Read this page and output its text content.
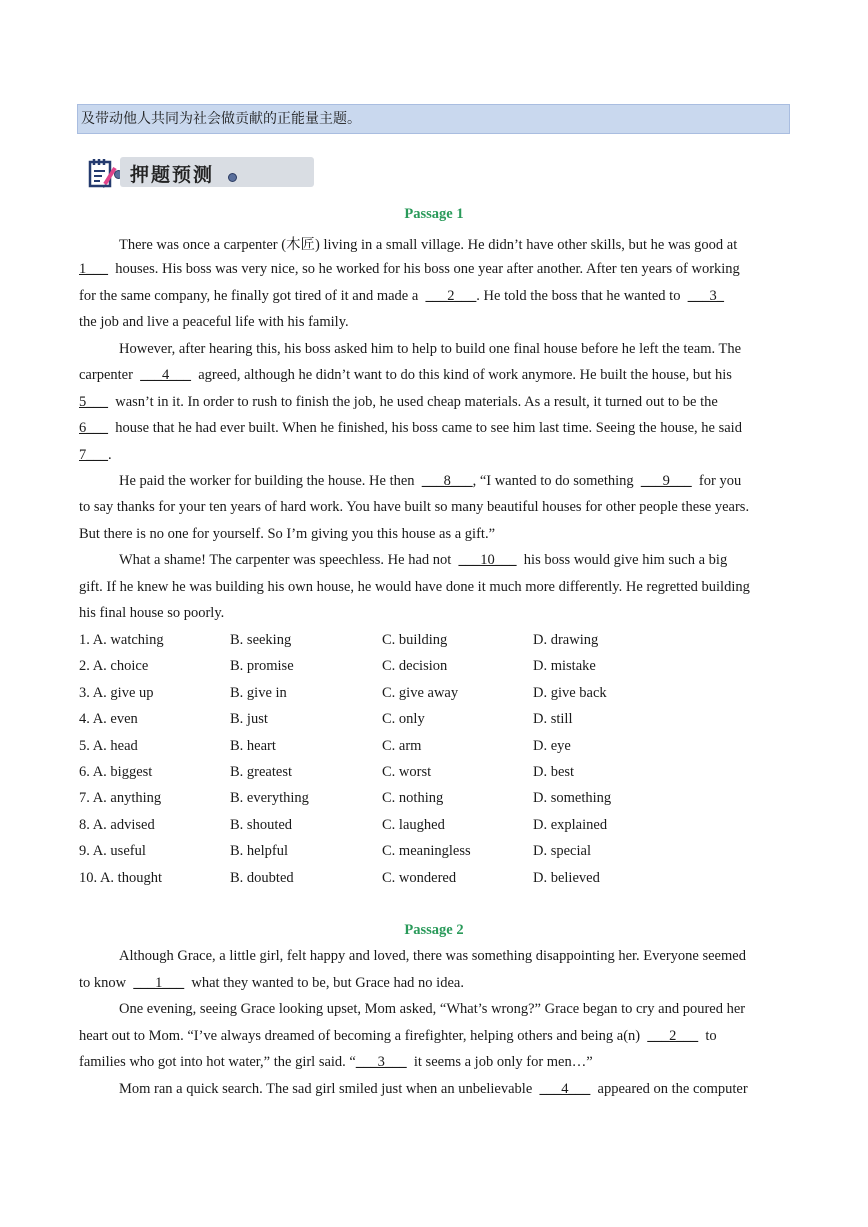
及带动他人共同为社会做贡献的正能量主题。
押题预测
Passage 1
There was once a carpenter (木匠) living in a small village. He didn’t have other skills, but he was good at
1___ houses. His boss was very nice, so he worked for his boss one year after another. After ten years of working
for the same company, he finally got tired of it and made a ___2___. He told the boss that he wanted to ___3_
the job and live a peaceful life with his family.
However, after hearing this, his boss asked him to help to build one final house before he left the team. The
carpenter ___4___ agreed, although he didn’t want to do this kind of work anymore. He built the house, but his
5___ wasn’t in it. In order to rush to finish the job, he used cheap materials. As a result, it turned out to be the
6___ house that he had ever built. When he finished, his boss came to see him last time. Seeing the house, he said
7___.
He paid the worker for building the house. He then ___8___, “I wanted to do something ___9___ for you
to say thanks for your ten years of hard work. You have built so many beautiful houses for other people these years.
But there is no one for yourself. So I’m giving you this house as a gift.”
What a shame! The carpenter was speechless. He had not ___10___ his boss would give him such a big
gift. If he knew he was building his own house, he would have done it much more differently. He regretted building
his final house so poorly.
1. A. watching	B. seeking	C. building	D. drawing
2. A. choice	B. promise	C. decision	D. mistake
3. A. give up	B. give in	C. give away	D. give back
4. A. even	B. just	C. only	D. still
5. A. head	B. heart	C. arm	D. eye
6. A. biggest	B. greatest	C. worst	D. best
7. A. anything	B. everything	C. nothing	D. something
8. A. advised	B. shouted	C. laughed	D. explained
9. A. useful	B. helpful	C. meaningless	D. special
10. A. thought	B. doubted	C. wondered	D. believed
Passage 2
Although Grace, a little girl, felt happy and loved, there was something disappointing her. Everyone seemed
to know ___1___ what they wanted to be, but Grace had no idea.
One evening, seeing Grace looking upset, Mom asked, “What’s wrong?” Grace began to cry and poured her
heart out to Mom. “I’ve always dreamed of becoming a firefighter, helping others and being a(n) ___2___ to
families who got into hot water,” the girl said. “___3___ it seems a job only for men…”
Mom ran a quick search. The sad girl smiled just when an unbelievable ___4___ appeared on the computer
